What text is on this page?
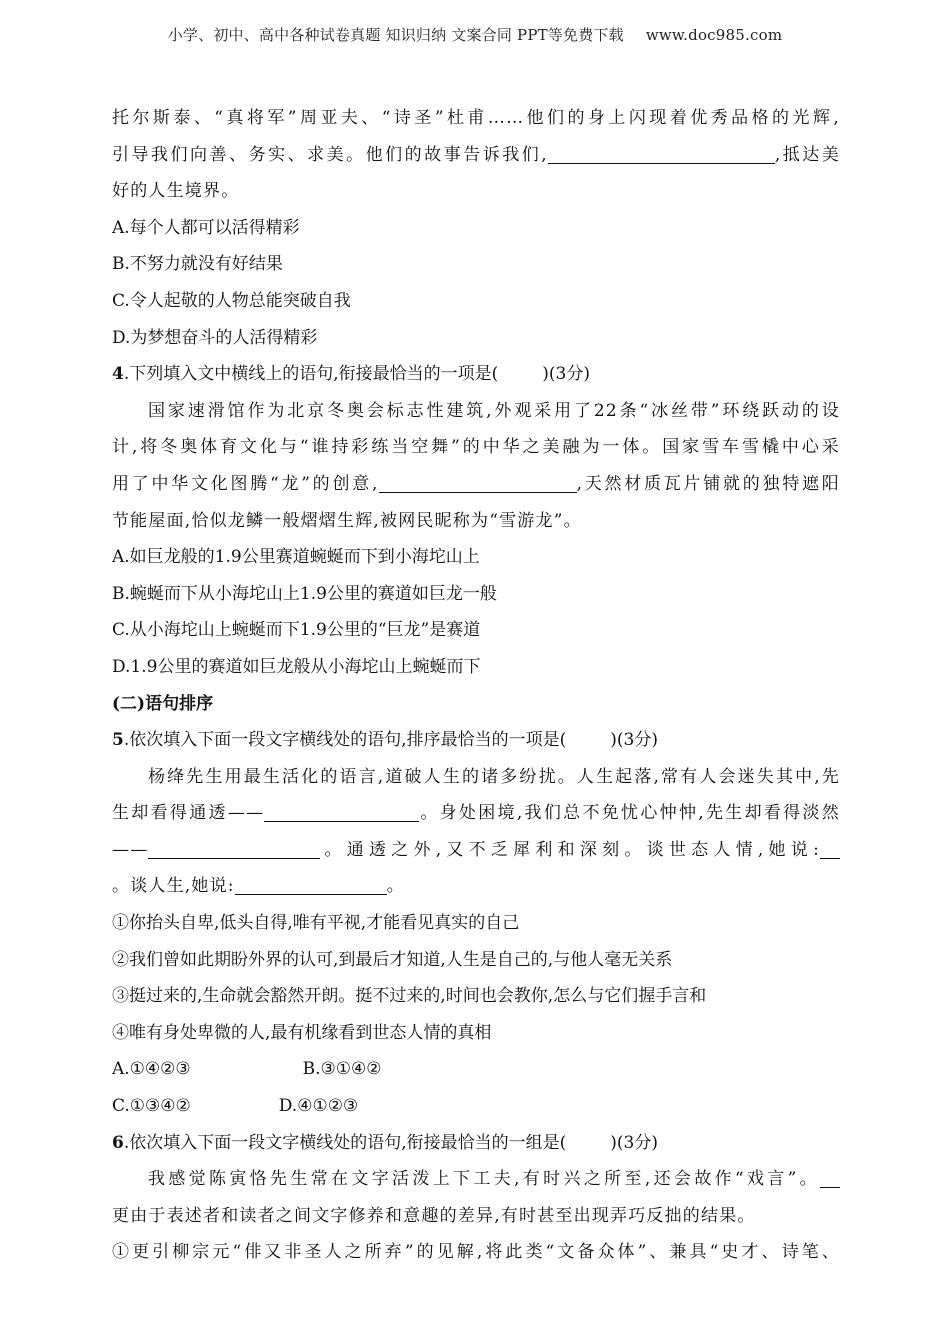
小学、初中、高中各种试卷真题 知识归纳 文案合同 PPT等免费下载 www.doc985.com
托尔斯泰、“真将军”周亚夫、“诗圣”杜甫……他们的身上闪现着优秀品格的光辉,
引导我们向善、务实、求美。他们的故事告诉我们,	,抵达美
好的人生境界。
A.每个人都可以活得精彩
B.不努力就没有好结果
C.令人起敬的人物总能突破自我
D.为梦想奋斗的人活得精彩
4.下列填入文中横线上的语句,衔接最恰当的一项是(	)(3分)
国家速滑馆作为北京冬奥会标志性建筑,外观采用了22条“冰丝带”环绕跃动的设
计,将冬奥体育文化与“谁持彩练当空舞”的中华之美融为一体。国家雪车雪橇中心采
用了中华文化图腾“龙”的创意,	,天然材质瓦片铺就的独特遮阳
节能屋面,恰似龙鳞一般熠熠生辉,被网民昵称为“雪游龙”。
A.如巨龙般的1.9公里赛道蜿蜒而下到小海坨山上
B.蜿蜒而下从小海坨山上1.9公里的赛道如巨龙一般
C.从小海坨山上蜿蜒而下1.9公里的“巨龙”是赛道
D.1.9公里的赛道如巨龙般从小海坨山上蜿蜒而下
(二)语句排序
5.依次填入下面一段文字横线处的语句,排序最恰当的一项是(	)(3分)
杨绛先生用最生活化的语言,道破人生的诸多纷扰。人生起落,常有人会迷失其中,先
生却看得通透——	。身处困境,我们总不免忧心忡忡,先生却看得淡然
——	。通透之外,又不乏犀利和深刻。谈世态人情,她说:
。谈人生,她说:	。
①你抬头自卑,低头自得,唯有平视,才能看见真实的自己
②我们曾如此期盼外界的认可,到最后才知道,人生是自己的,与他人毫无关系
③挺过来的,生命就会豁然开朗。挺不过来的,时间也会教你,怎么与它们握手言和
④唯有身处卑微的人,最有机缘看到世态人情的真相
A.①④②③	B.③①④②
C.①③④②	D.④①②③
6.依次填入下面一段文字横线处的语句,衔接最恰当的一组是(	)(3分)
我感觉陈寅恪先生常在文字活泼上下工夫,有时兴之所至,还会故作“戏言”。
更由于表述者和读者之间文字修养和意趣的差异,有时甚至出现弄巧反拙的结果。
①更引柳宗元“俳又非圣人之所弃”的见解,将此类“文备众体”、兼具“史才、诗笔、
